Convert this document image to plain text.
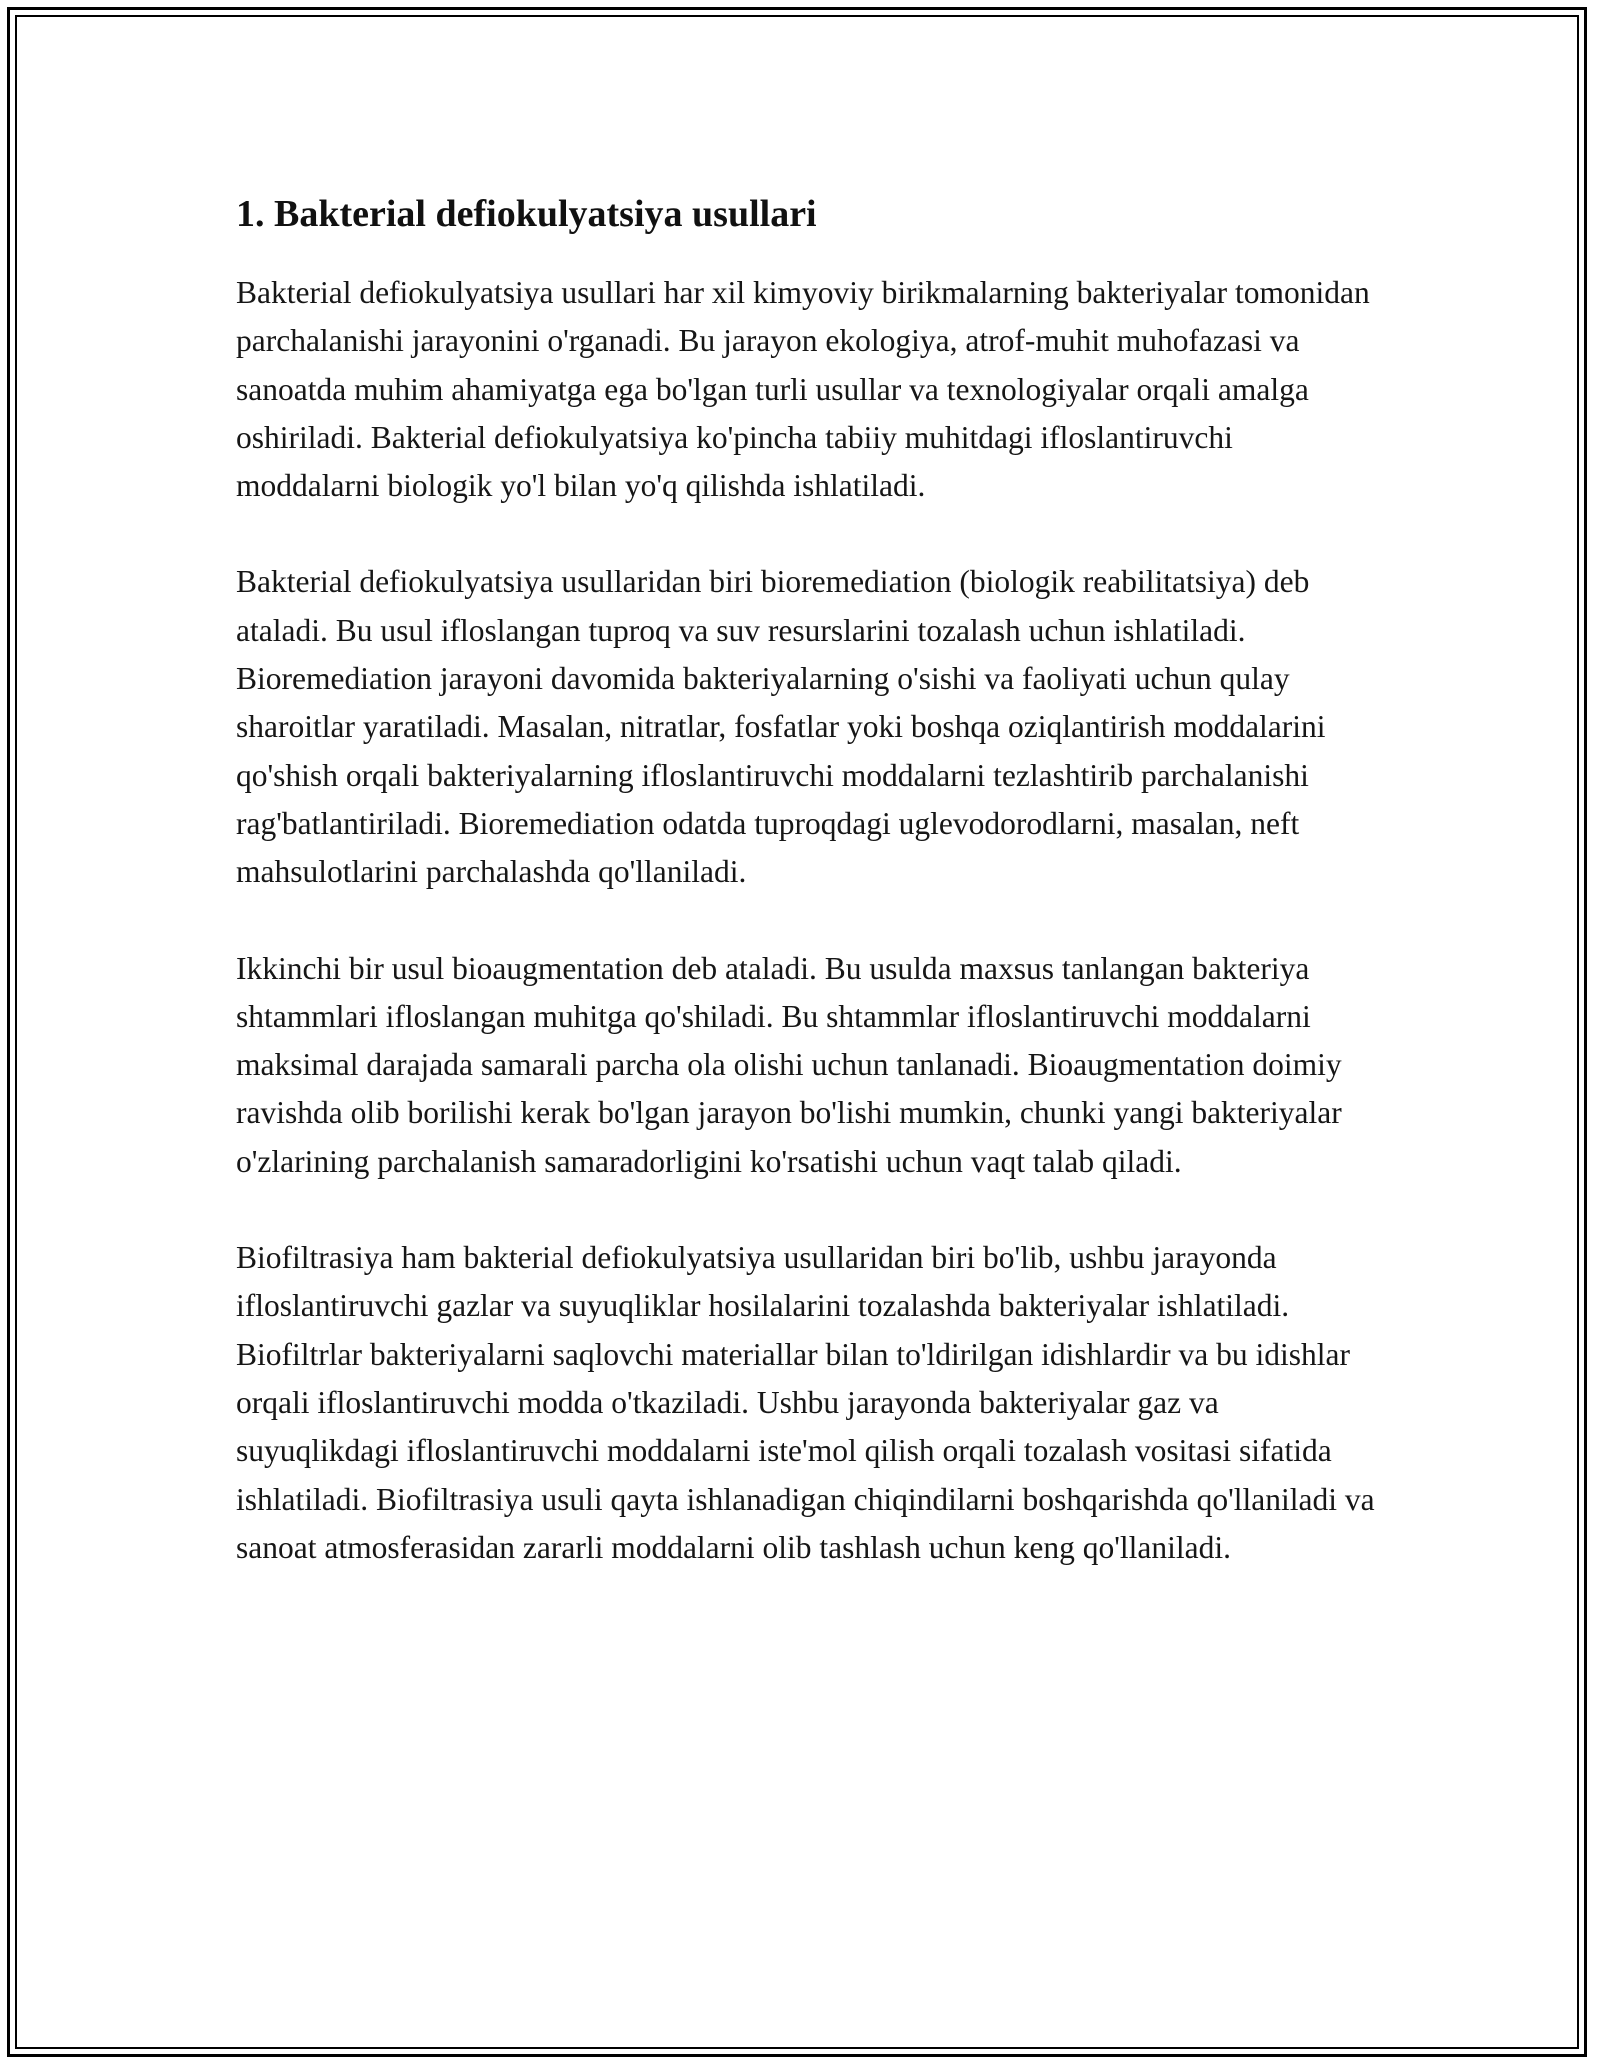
1. Bakterial defiokulyatsiya usullari

Bakterial defiokulyatsiya usullari har xil kimyoviy birikmalarning bakteriyalar tomonidan parchalanishi jarayonini o'rganadi. Bu jarayon ekologiya, atrof-muhit muhofazasi va sanoatda muhim ahamiyatga ega bo'lgan turli usullar va texnologiyalar orqali amalga oshiriladi. Bakterial defiokulyatsiya ko'pincha tabiiy muhitdagi ifloslantiruvchi moddalarni biologik yo'l bilan yo'q qilishda ishlatiladi.

Bakterial defiokulyatsiya usullaridan biri bioremediation (biologik reabilitatsiya) deb ataladi. Bu usul ifloslangan tuproq va suv resurslarini tozalash uchun ishlatiladi. Bioremediation jarayoni davomida bakteriyalarning o'sishi va faoliyati uchun qulay sharoitlar yaratiladi. Masalan, nitratlar, fosfatlar yoki boshqa oziqlantirish moddalarini qo'shish orqali bakteriyalarning ifloslantiruvchi moddalarni tezlashtirib parchalanishi rag'batlantiriladi. Bioremediation odatda tuproqdagi uglevodorodlarni, masalan, neft mahsulotlarini parchalashda qo'llaniladi.

Ikkinchi bir usul bioaugmentation deb ataladi. Bu usulda maxsus tanlangan bakteriya shtammlari ifloslangan muhitga qo'shiladi. Bu shtammlar ifloslantiruvchi moddalarni maksimal darajada samarali parcha ola olishi uchun tanlanadi. Bioaugmentation doimiy ravishda olib borilishi kerak bo'lgan jarayon bo'lishi mumkin, chunki yangi bakteriyalar o'zlarining parchalanish samaradorligini ko'rsatishi uchun vaqt talab qiladi.

Biofiltrasiya ham bakterial defiokulyatsiya usullaridan biri bo'lib, ushbu jarayonda ifloslantiruvchi gazlar va suyuqliklar hosilalarini tozalashda bakteriyalar ishlatiladi. Biofiltrlar bakteriyalarni saqlovchi materiallar bilan to'ldirilgan idishlardir va bu idishlar orqali ifloslantiruvchi modda o'tkaziladi. Ushbu jarayonda bakteriyalar gaz va suyuqlikdagi ifloslantiruvchi moddalarni iste'mol qilish orqali tozalash vositasi sifatida ishlatiladi. Biofiltrasiya usuli qayta ishlanadigan chiqindilarni boshqarishda qo'llaniladi va sanoat atmosferasidan zararli moddalarni olib tashlash uchun keng qo'llaniladi.
